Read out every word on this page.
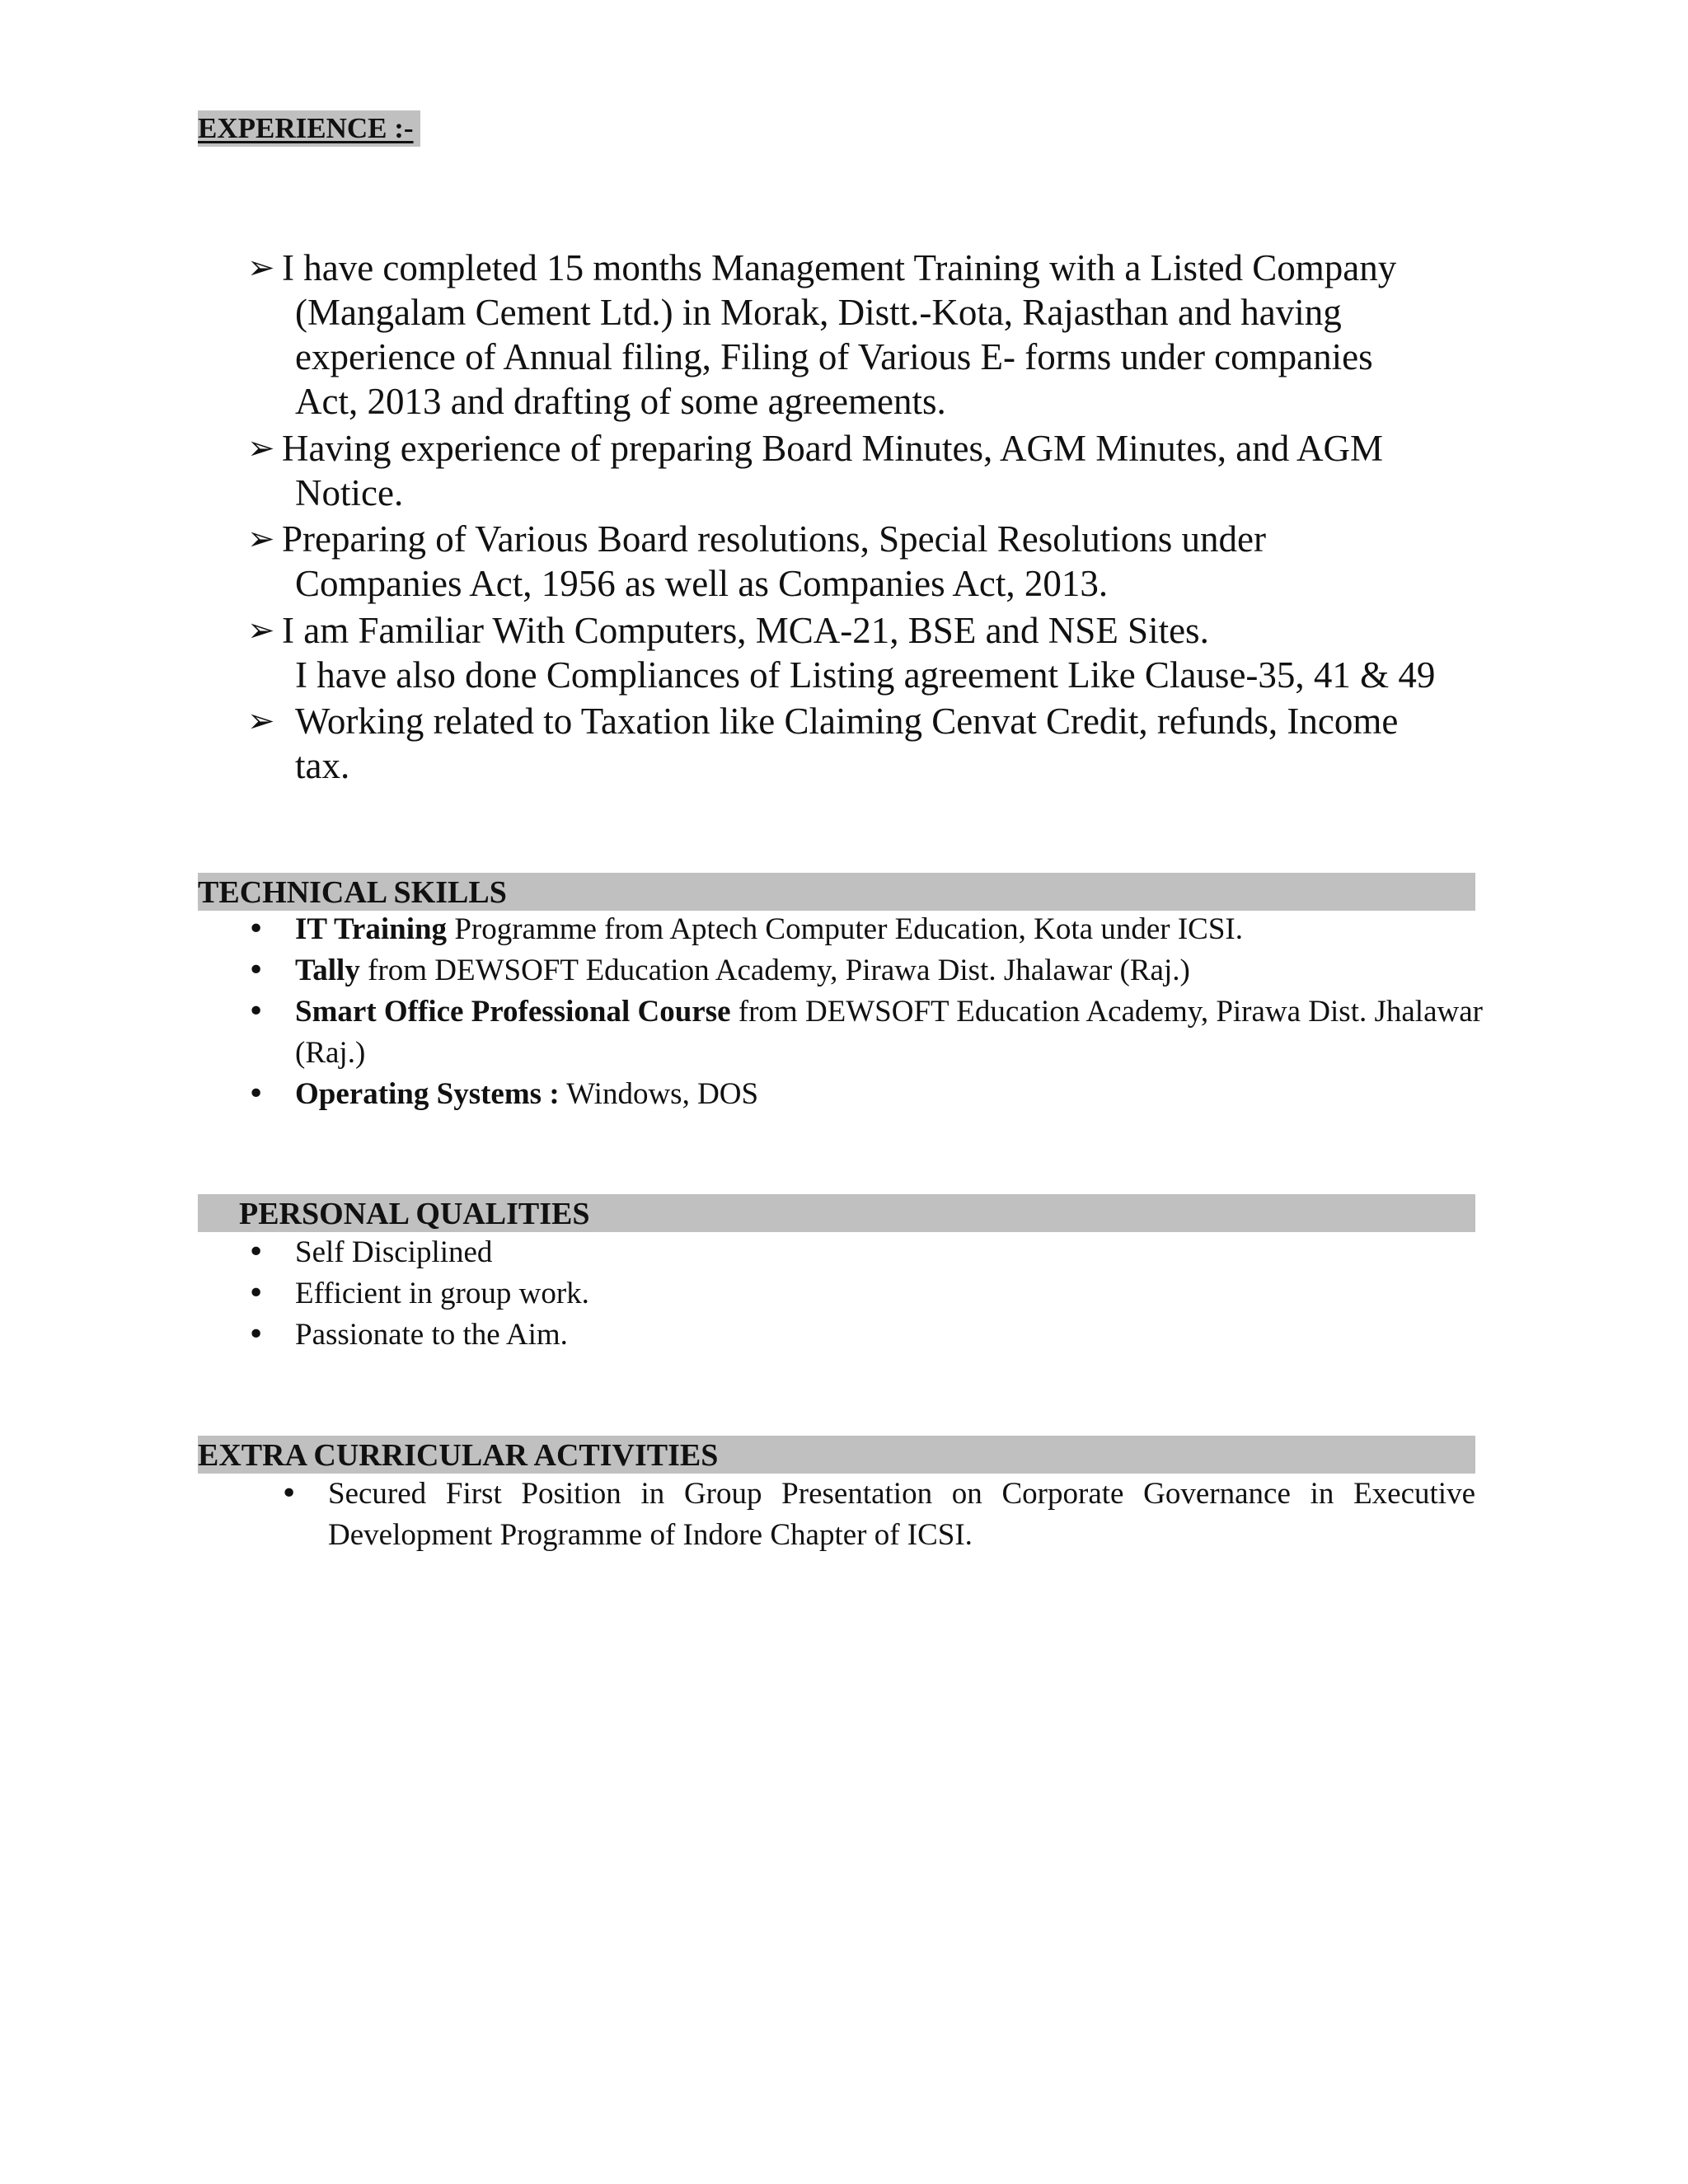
EXPERIENCE :-
➢ I have completed 15 months Management Training with a Listed Company
(Mangalam Cement Ltd.) in Morak, Distt.-Kota, Rajasthan and having
experience of Annual filing, Filing of Various E- forms under companies
Act, 2013 and drafting of some agreements.
➢ Having experience of preparing Board Minutes, AGM Minutes, and AGM
Notice.
➢ Preparing of Various Board resolutions, Special Resolutions under
Companies Act, 1956 as well as Companies Act, 2013.
➢ I am Familiar With Computers, MCA-21, BSE and NSE Sites.
I have also done Compliances of Listing agreement Like Clause-35, 41 & 49
➢ Working related to Taxation like Claiming Cenvat Credit, refunds, Income
tax.
TECHNICAL SKILLS
• IT Training Programme from Aptech Computer Education, Kota under ICSI.
• Tally from DEWSOFT Education Academy, Pirawa Dist. Jhalawar (Raj.)
• Smart Office Professional Course from DEWSOFT Education Academy, Pirawa Dist. Jhalawar (Raj.)
• Operating Systems : Windows, DOS
PERSONAL QUALITIES
• Self Disciplined
• Efficient in group work.
• Passionate to the Aim.
EXTRA CURRICULAR ACTIVITIES
• Secured First Position in Group Presentation on Corporate Governance in Executive Development Programme of Indore Chapter of ICSI.
